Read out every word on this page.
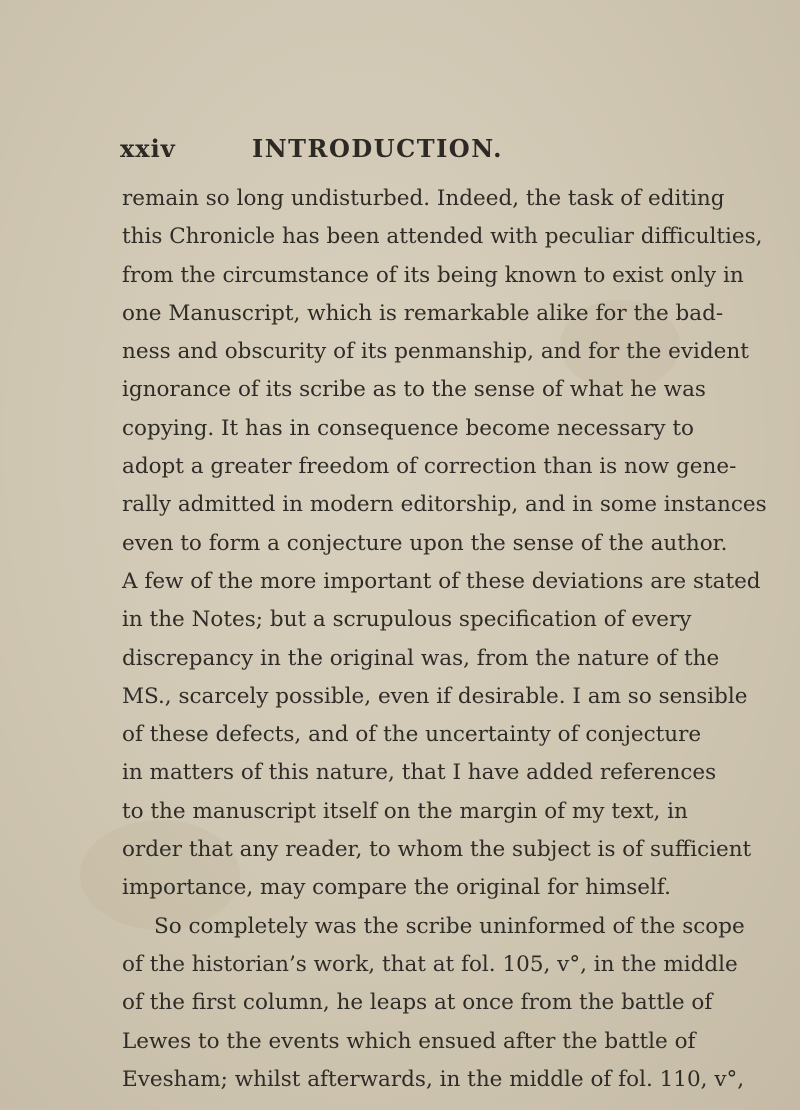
xxiv	INTRODUCTION.
remain so long undisturbed. Indeed, the task of editing
this Chronicle has been attended with peculiar difficulties,
from the circumstance of its being known to exist only in
one Manuscript, which is remarkable alike for the bad-
ness and obscurity of its penmanship, and for the evident
ignorance of its scribe as to the sense of what he was
copying. It has in consequence become necessary to
adopt a greater freedom of correction than is now gene-
rally admitted in modern editorship, and in some instances
even to form a conjecture upon the sense of the author.
A few of the more important of these deviations are stated
in the Notes; but a scrupulous specification of every
discrepancy in the original was, from the nature of the
MS., scarcely possible, even if desirable. I am so sensible
of these defects, and of the uncertainty of conjecture
in matters of this nature, that I have added references
to the manuscript itself on the margin of my text, in
order that any reader, to whom the subject is of sufficient
importance, may compare the original for himself.
So completely was the scribe uninformed of the scope
of the historian’s work, that at fol. 105, v°, in the middle
of the first column, he leaps at once from the battle of
Lewes to the events which ensued after the battle of
Evesham; whilst afterwards, in the middle of fol. 110, v°,
